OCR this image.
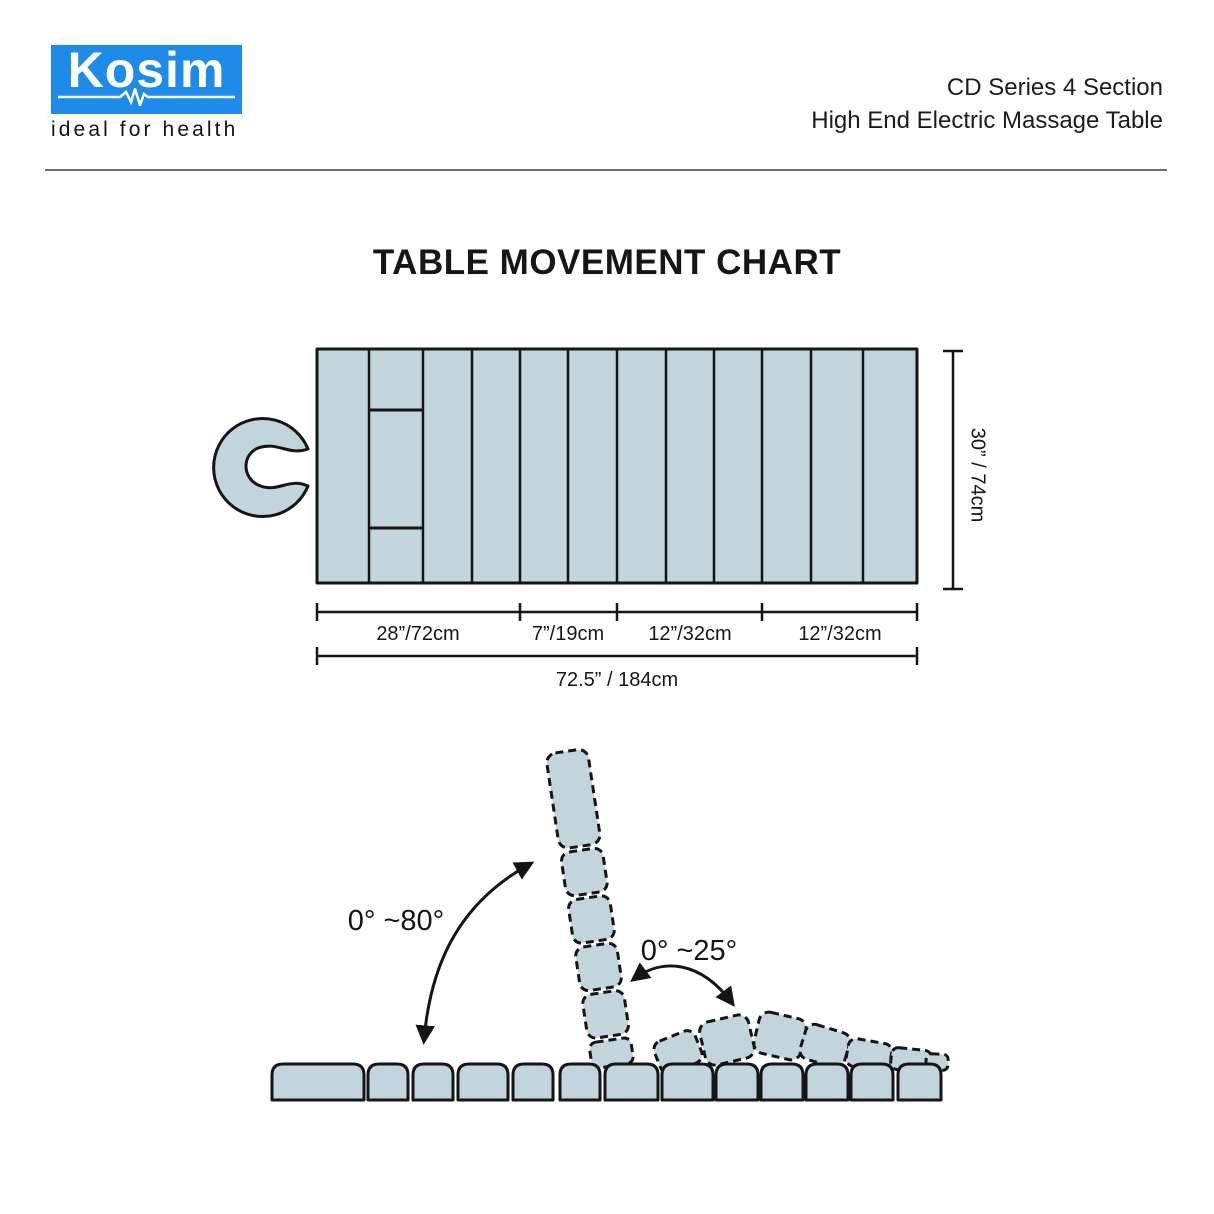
Kosim
ideal for health
CD Series 4 Section
High End Electric Massage Table
TABLE MOVEMENT CHART
30” / 74cm
28”/72cm	7”/19cm 12”/32cm	12”/32cm
72.5” / 184cm
0° ~80°
0° ~25°
